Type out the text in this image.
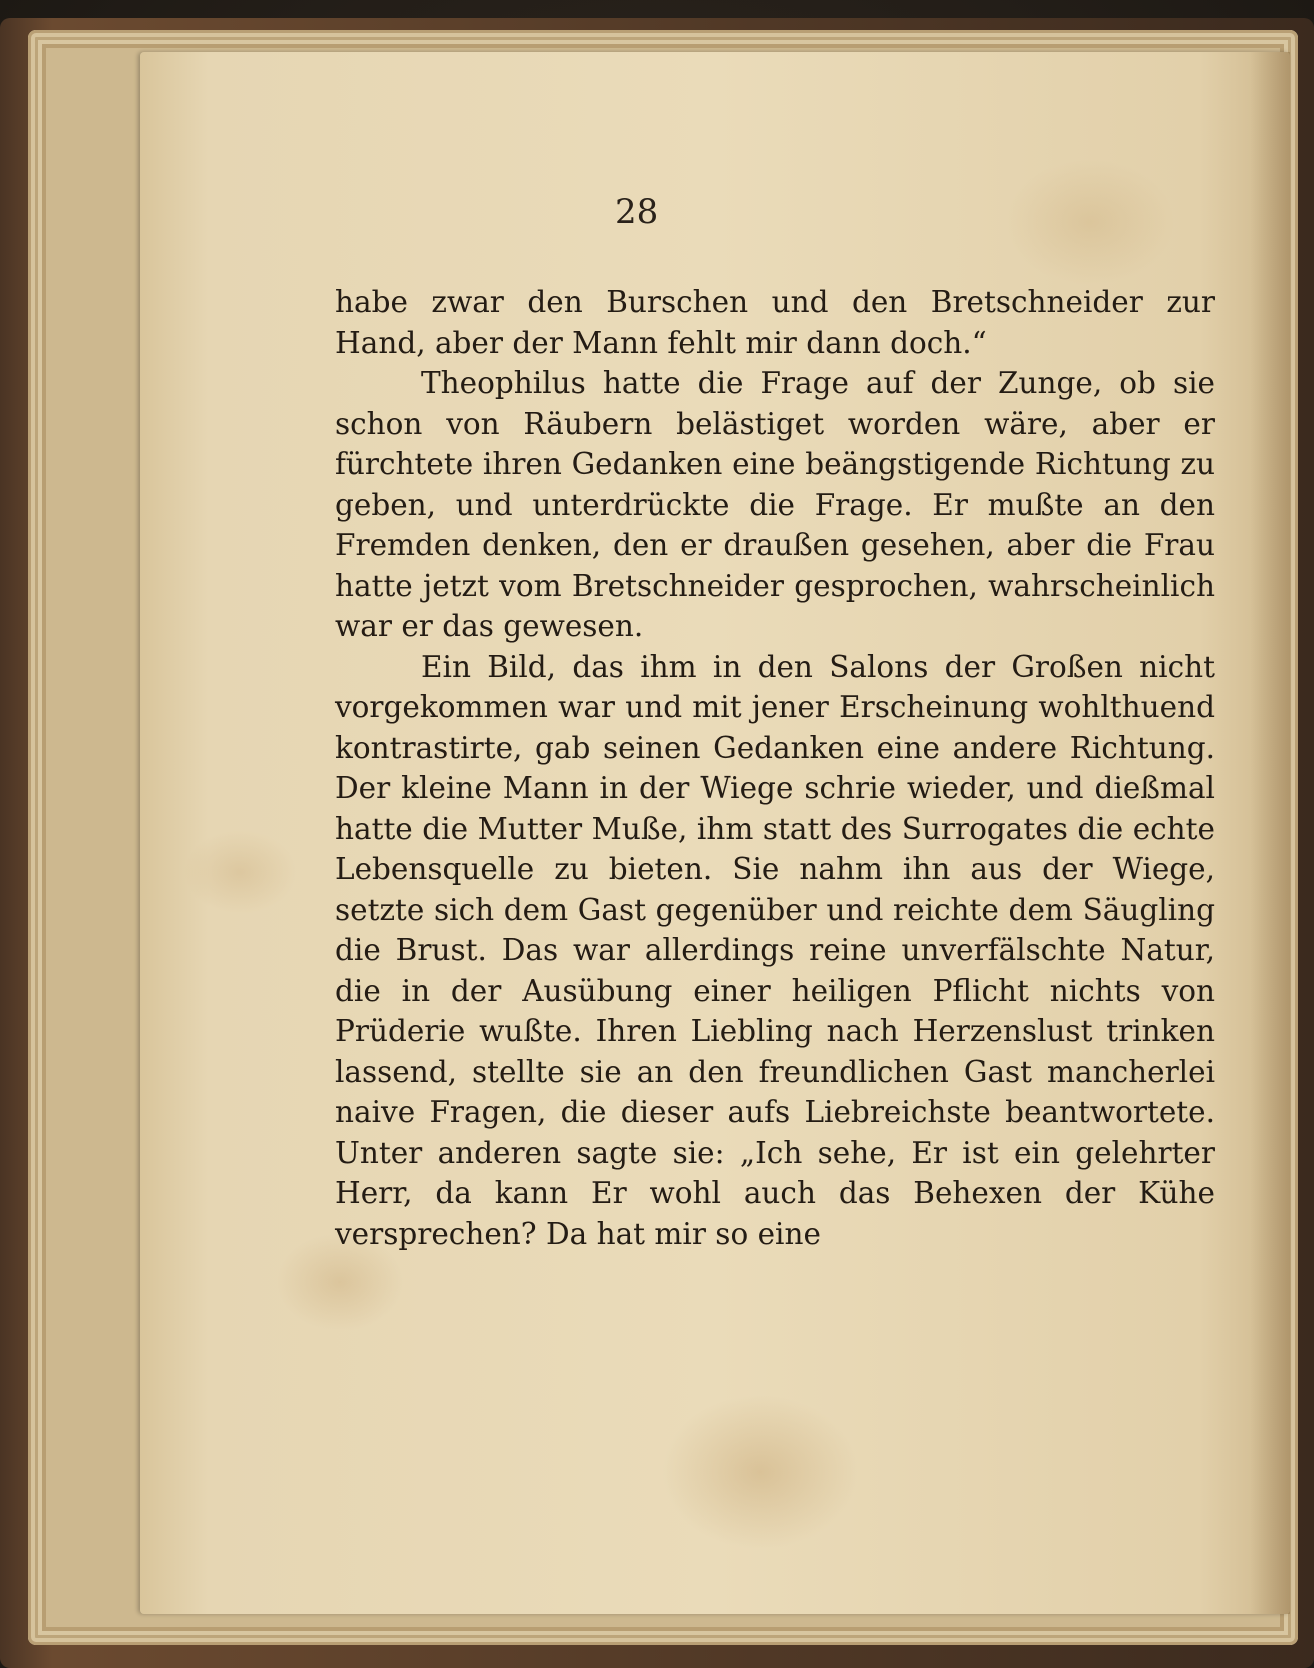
28

habe zwar den Burschen und den Bretschneider zur Hand, aber der Mann fehlt mir dann doch.“

Theophilus hatte die Frage auf der Zunge, ob sie schon von Räubern belästiget worden wäre, aber er fürchtete ihren Gedanken eine beängstigende Richtung zu geben, und unterdrückte die Frage. Er mußte an den Fremden denken, den er draußen gesehen, aber die Frau hatte jetzt vom Bretschneider gesprochen, wahrscheinlich war er das gewesen.

Ein Bild, das ihm in den Salons der Großen nicht vorgekommen war und mit jener Erscheinung wohlthuend kontrastirte, gab seinen Gedanken eine andere Richtung. Der kleine Mann in der Wiege schrie wieder, und dießmal hatte die Mutter Muße, ihm statt des Surrogates die echte Lebensquelle zu bieten. Sie nahm ihn aus der Wiege, setzte sich dem Gast gegenüber und reichte dem Säugling die Brust. Das war allerdings reine unverfälschte Natur, die in der Ausübung einer heiligen Pflicht nichts von Prüderie wußte. Ihren Liebling nach Herzenslust trinken lassend, stellte sie an den freundlichen Gast mancherlei naive Fragen, die dieser aufs Liebreichste beantwortete. Unter anderen sagte sie: „Ich sehe, Er ist ein gelehrter Herr, da kann Er wohl auch das Behexen der Kühe versprechen? Da hat mir so eine
